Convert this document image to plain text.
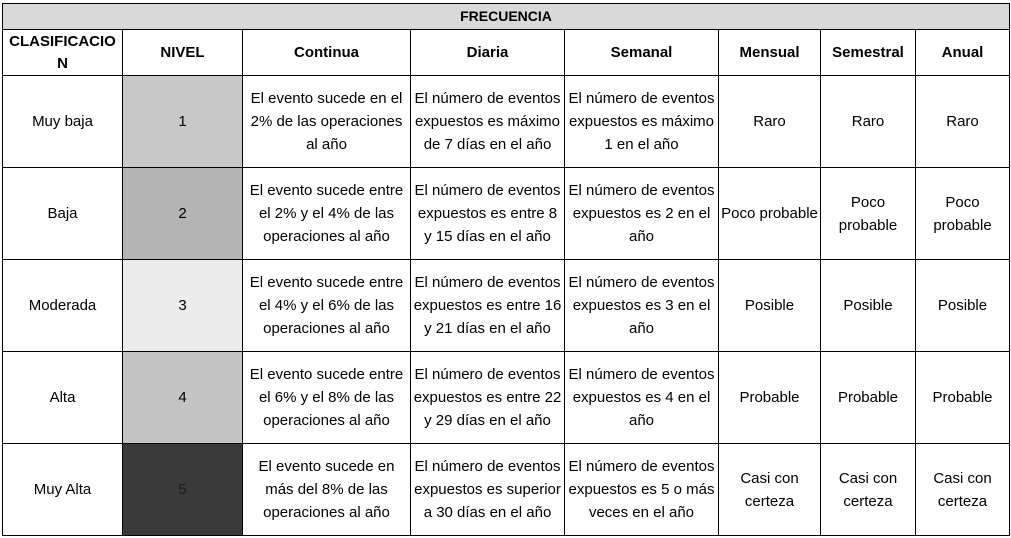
FRECUENCIA							
CLASIFICACIO N	NIVEL	Continua	Diaria	Semanal	Mensual	Semestral	Anual
Muy baja	1	El evento sucede en el 2% de las operaciones al año	El número de eventos expuestos es máximo de 7 días en el año	El número de eventos expuestos es máximo 1 en el año	Raro	Raro	Raro
Baja	2	El evento sucede entre el 2% y el 4% de las operaciones al año	El número de eventos expuestos es entre 8 y 15 días en el año	El número de eventos expuestos es 2 en el año	Poco probable	Poco probable	Poco probable
Moderada	3	El evento sucede entre el 4% y el 6% de las operaciones al año	El número de eventos expuestos es entre 16 y 21 días en el año	El número de eventos expuestos es 3 en el año	Posible	Posible	Posible
Alta	4	El evento sucede entre el 6% y el 8% de las operaciones al año	El número de eventos expuestos es entre 22 y 29 días en el año	El número de eventos expuestos es 4 en el año	Probable	Probable	Probable
Muy Alta	5	El evento sucede en más del 8% de las operaciones al año	El número de eventos expuestos es superior a 30 días en el año	El número de eventos expuestos es 5 o más veces en el año	Casi con certeza	Casi con certeza	Casi con certeza
